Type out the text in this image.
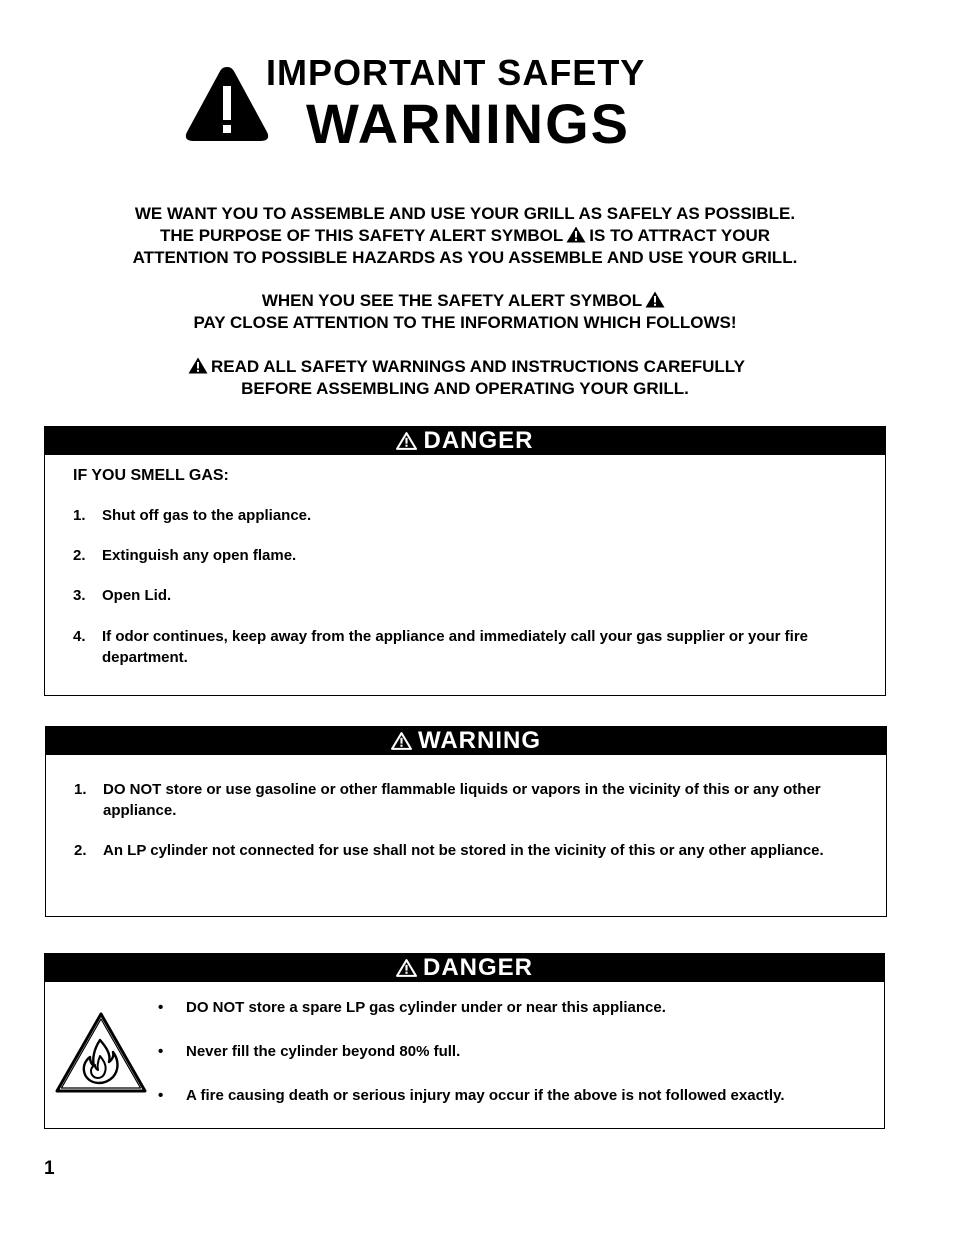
IMPORTANT SAFETY
WARNINGS

WE WANT YOU TO ASSEMBLE AND USE YOUR GRILL AS SAFELY AS POSSIBLE.

THE PURPOSE OF THIS SAFETY ALERT SYMBOL IS TO ATTRACT YOUR

ATTENTION TO POSSIBLE HAZARDS AS YOU ASSEMBLE AND USE YOUR GRILL.

WHEN YOU SEE THE SAFETY ALERT SYMBOL

PAY CLOSE ATTENTION TO THE INFORMATION WHICH FOLLOWS!

READ ALL SAFETY WARNINGS AND INSTRUCTIONS CAREFULLY

BEFORE ASSEMBLING AND OPERATING YOUR GRILL.

DANGER
IF YOU SMELL GAS:
1. Shut off gas to the appliance.
2. Extinguish any open flame.
3. Open Lid.
4. If odor continues, keep away from the appliance and immediately call your gas supplier or your fire department.
WARNING
1. DO NOT store or use gasoline or other flammable liquids or vapors in the vicinity of this or any other appliance.
2. An LP cylinder not connected for use shall not be stored in the vicinity of this or any other appliance.
DANGER
• DO NOT store a spare LP gas cylinder under or near this appliance.
• Never fill the cylinder beyond 80% full.
• A fire causing death or serious injury may occur if the above is not followed exactly.
1
